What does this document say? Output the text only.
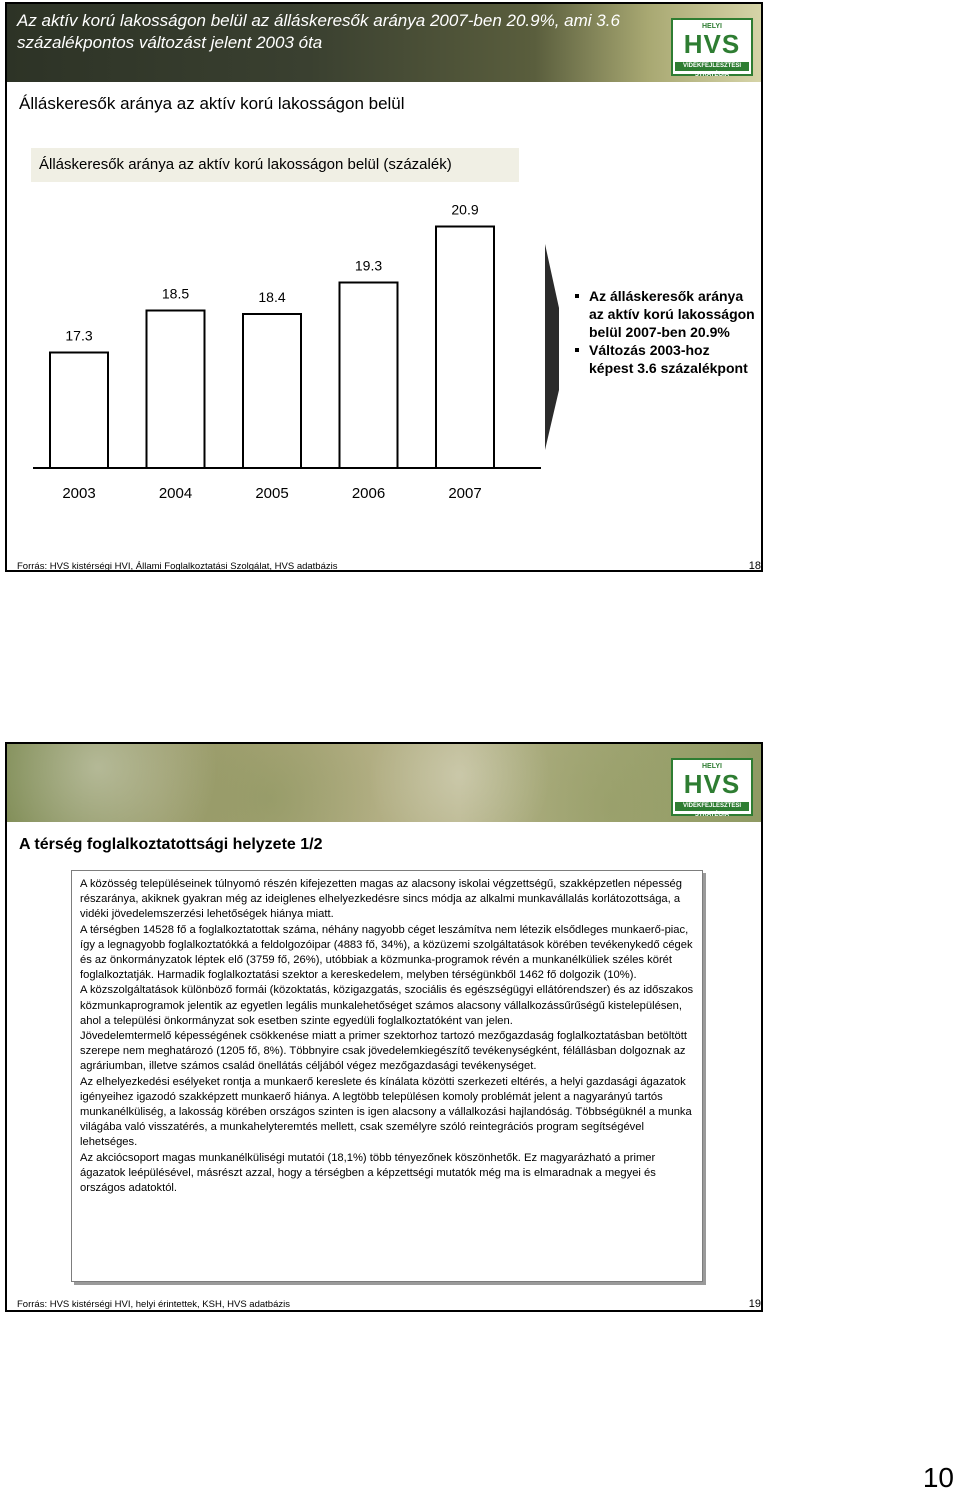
Az aktív korú lakosságon belül az álláskeresők aránya 2007-ben 20.9%, ami 3.6 százalékpontos változást jelent 2003 óta
HELYI
HVS
VIDÉKFEJLESZTÉSI STRATÉGIA
Álláskeresők aránya az aktív korú lakosságon belül
Álláskeresők aránya az aktív korú lakosságon belül (százalék)
17.3
2003
18.5
2004
18.4
2005
19.3
2006
20.9
2007
Az álláskeresők aránya az aktív korú lakosságon belül 2007-ben 20.9%
Változás 2003-hoz képest 3.6 százalékpont
Forrás: HVS kistérségi HVI, Állami Foglalkoztatási Szolgálat, HVS adatbázis	18
HELYI
HVS
VIDÉKFEJLESZTÉSI STRATÉGIA
A térség foglalkoztatottsági helyzete 1/2

A közösség településeinek túlnyomó részén kifejezetten magas az alacsony iskolai végzettségű, szakképzetlen népesség részaránya, akiknek gyakran még az ideiglenes elhelyezkedésre sincs módja az alkalmi munkavállalás korlátozottsága, a vidéki jövedelemszerzési lehetőségek hiánya miatt.

A térségben 14528 fő a foglalkoztatottak száma, néhány nagyobb céget leszámítva nem létezik elsődleges munkaerő-piac, így a legnagyobb foglalkoztatókká a feldolgozóipar (4883 fő, 34%), a közüzemi szolgáltatások körében tevékenykedő cégek és az önkormányzatok léptek elő (3759 fő, 26%), utóbbiak a közmunka-programok révén a munkanélküliek széles körét foglalkoztatják. Harmadik foglalkoztatási szektor a kereskedelem, melyben térségünkből 1462 fő dolgozik (10%).

A közszolgáltatások különböző formái (közoktatás, közigazgatás, szociális és egészségügyi ellátórendszer) és az időszakos közmunkaprogramok jelentik az egyetlen legális munkalehetőséget számos alacsony vállalkozássűrűségű kistelepülésen, ahol a települési önkormányzat sok esetben szinte egyedüli foglalkoztatóként van jelen.

Jövedelemtermelő képességének csökkenése miatt a primer szektorhoz tartozó mezőgazdaság foglalkoztatásban betöltött szerepe nem meghatározó (1205 fő, 8%). Többnyire csak jövedelemkiegészítő tevékenységként, félállásban dolgoznak az agráriumban, illetve számos család önellátás céljából végez mezőgazdasági tevékenységet.

Az elhelyezkedési esélyeket rontja a munkaerő kereslete és kínálata közötti szerkezeti eltérés, a helyi gazdasági ágazatok igényeihez igazodó szakképzett munkaerő hiánya. A legtöbb településen komoly problémát jelent a nagyarányú tartós munkanélküliség, a lakosság körében országos szinten is igen alacsony a vállalkozási hajlandóság. Többségüknél a munka világába való visszatérés, a munkahelyteremtés mellett, csak személyre szóló reintegrációs program segítségével lehetséges.

Az akciócsoport magas munkanélküliségi mutatói (18,1%) több tényezőnek köszönhetők. Ez magyarázható a primer ágazatok leépülésével, másrészt azzal, hogy a térségben a képzettségi mutatók még ma is elmaradnak a megyei és országos adatoktól.

Forrás: HVS kistérségi HVI, helyi érintettek, KSH, HVS adatbázis	19
10
